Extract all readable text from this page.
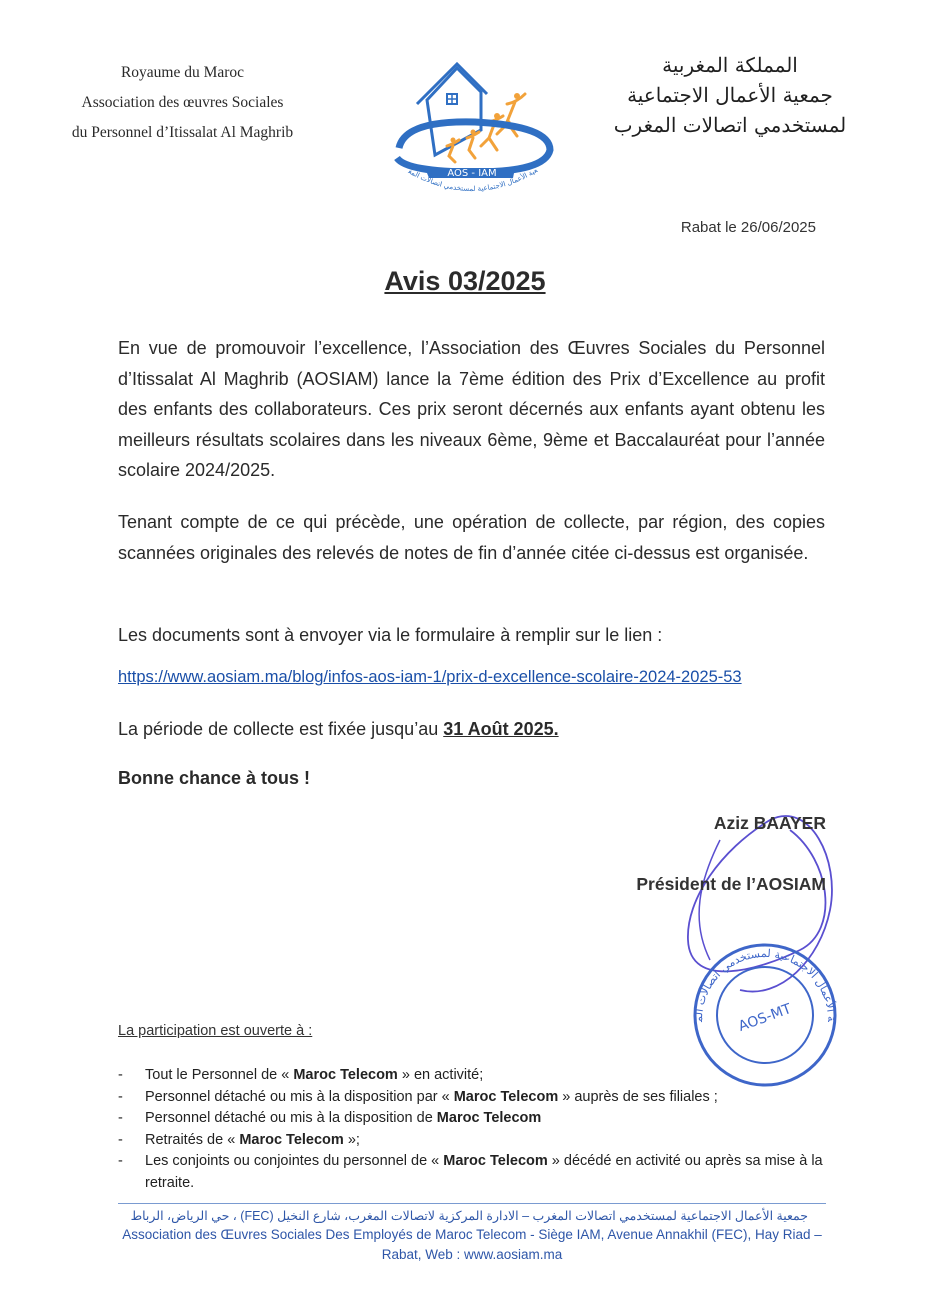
Royaume du Maroc
Association des œuvres Sociales
du Personnel d’Itissalat Al Maghrib
AOS - IAM	عية الأعمال الاجتماعية لمستخدمي اتصالات المغ
المملكة المغربية
جمعية الأعمال الاجتماعية
لمستخدمي اتصالات المغرب
Rabat le 26/06/2025
Avis 03/2025
En vue de promouvoir l’excellence, l’Association des Œuvres Sociales du Personnel d’Itissalat Al Maghrib (AOSIAM) lance la 7ème édition des Prix d’Excellence au profit des enfants des collaborateurs. Ces prix seront décernés aux enfants ayant obtenu les meilleurs résultats scolaires dans les niveaux 6ème, 9ème et Baccalauréat pour l’année scolaire 2024/2025.
Tenant compte de ce qui précède, une opération de collecte, par région, des copies scannées originales des relevés de notes de fin d’année citée ci-dessus est organisée.
Les documents sont à envoyer via le formulaire à remplir sur le lien :
https://www.aosiam.ma/blog/infos-aos-iam-1/prix-d-excellence-scolaire-2024-2025-53
La période de collecte est fixée jusqu’au 31 Août 2025.
Bonne chance à tous !
ة الأعمال الاجتماعية لمستخدمي اتصالات الم	AOS-MT
Aziz BAAYER
Président de l’AOSIAM
La participation est ouverte à :
- Tout le Personnel de « Maroc Telecom » en activité;
- Personnel détaché ou mis à la disposition par « Maroc Telecom » auprès de ses filiales ;
- Personnel détaché ou mis à la disposition de Maroc Telecom
- Retraités de « Maroc Telecom »;
- Les conjoints ou conjointes du personnel de « Maroc Telecom » décédé en activité ou après sa mise à la retraite.
جمعية الأعمال الاجتماعية لمستخدمي اتصالات المغرب – الادارة المركزية لاتصالات المغرب، شارع النخيل (FEC) ، حي الرياض، الرباط
Association des Œuvres Sociales Des Employés de Maroc Telecom - Siège IAM, Avenue Annakhil (FEC), Hay Riad – Rabat, Web : www.aosiam.ma
